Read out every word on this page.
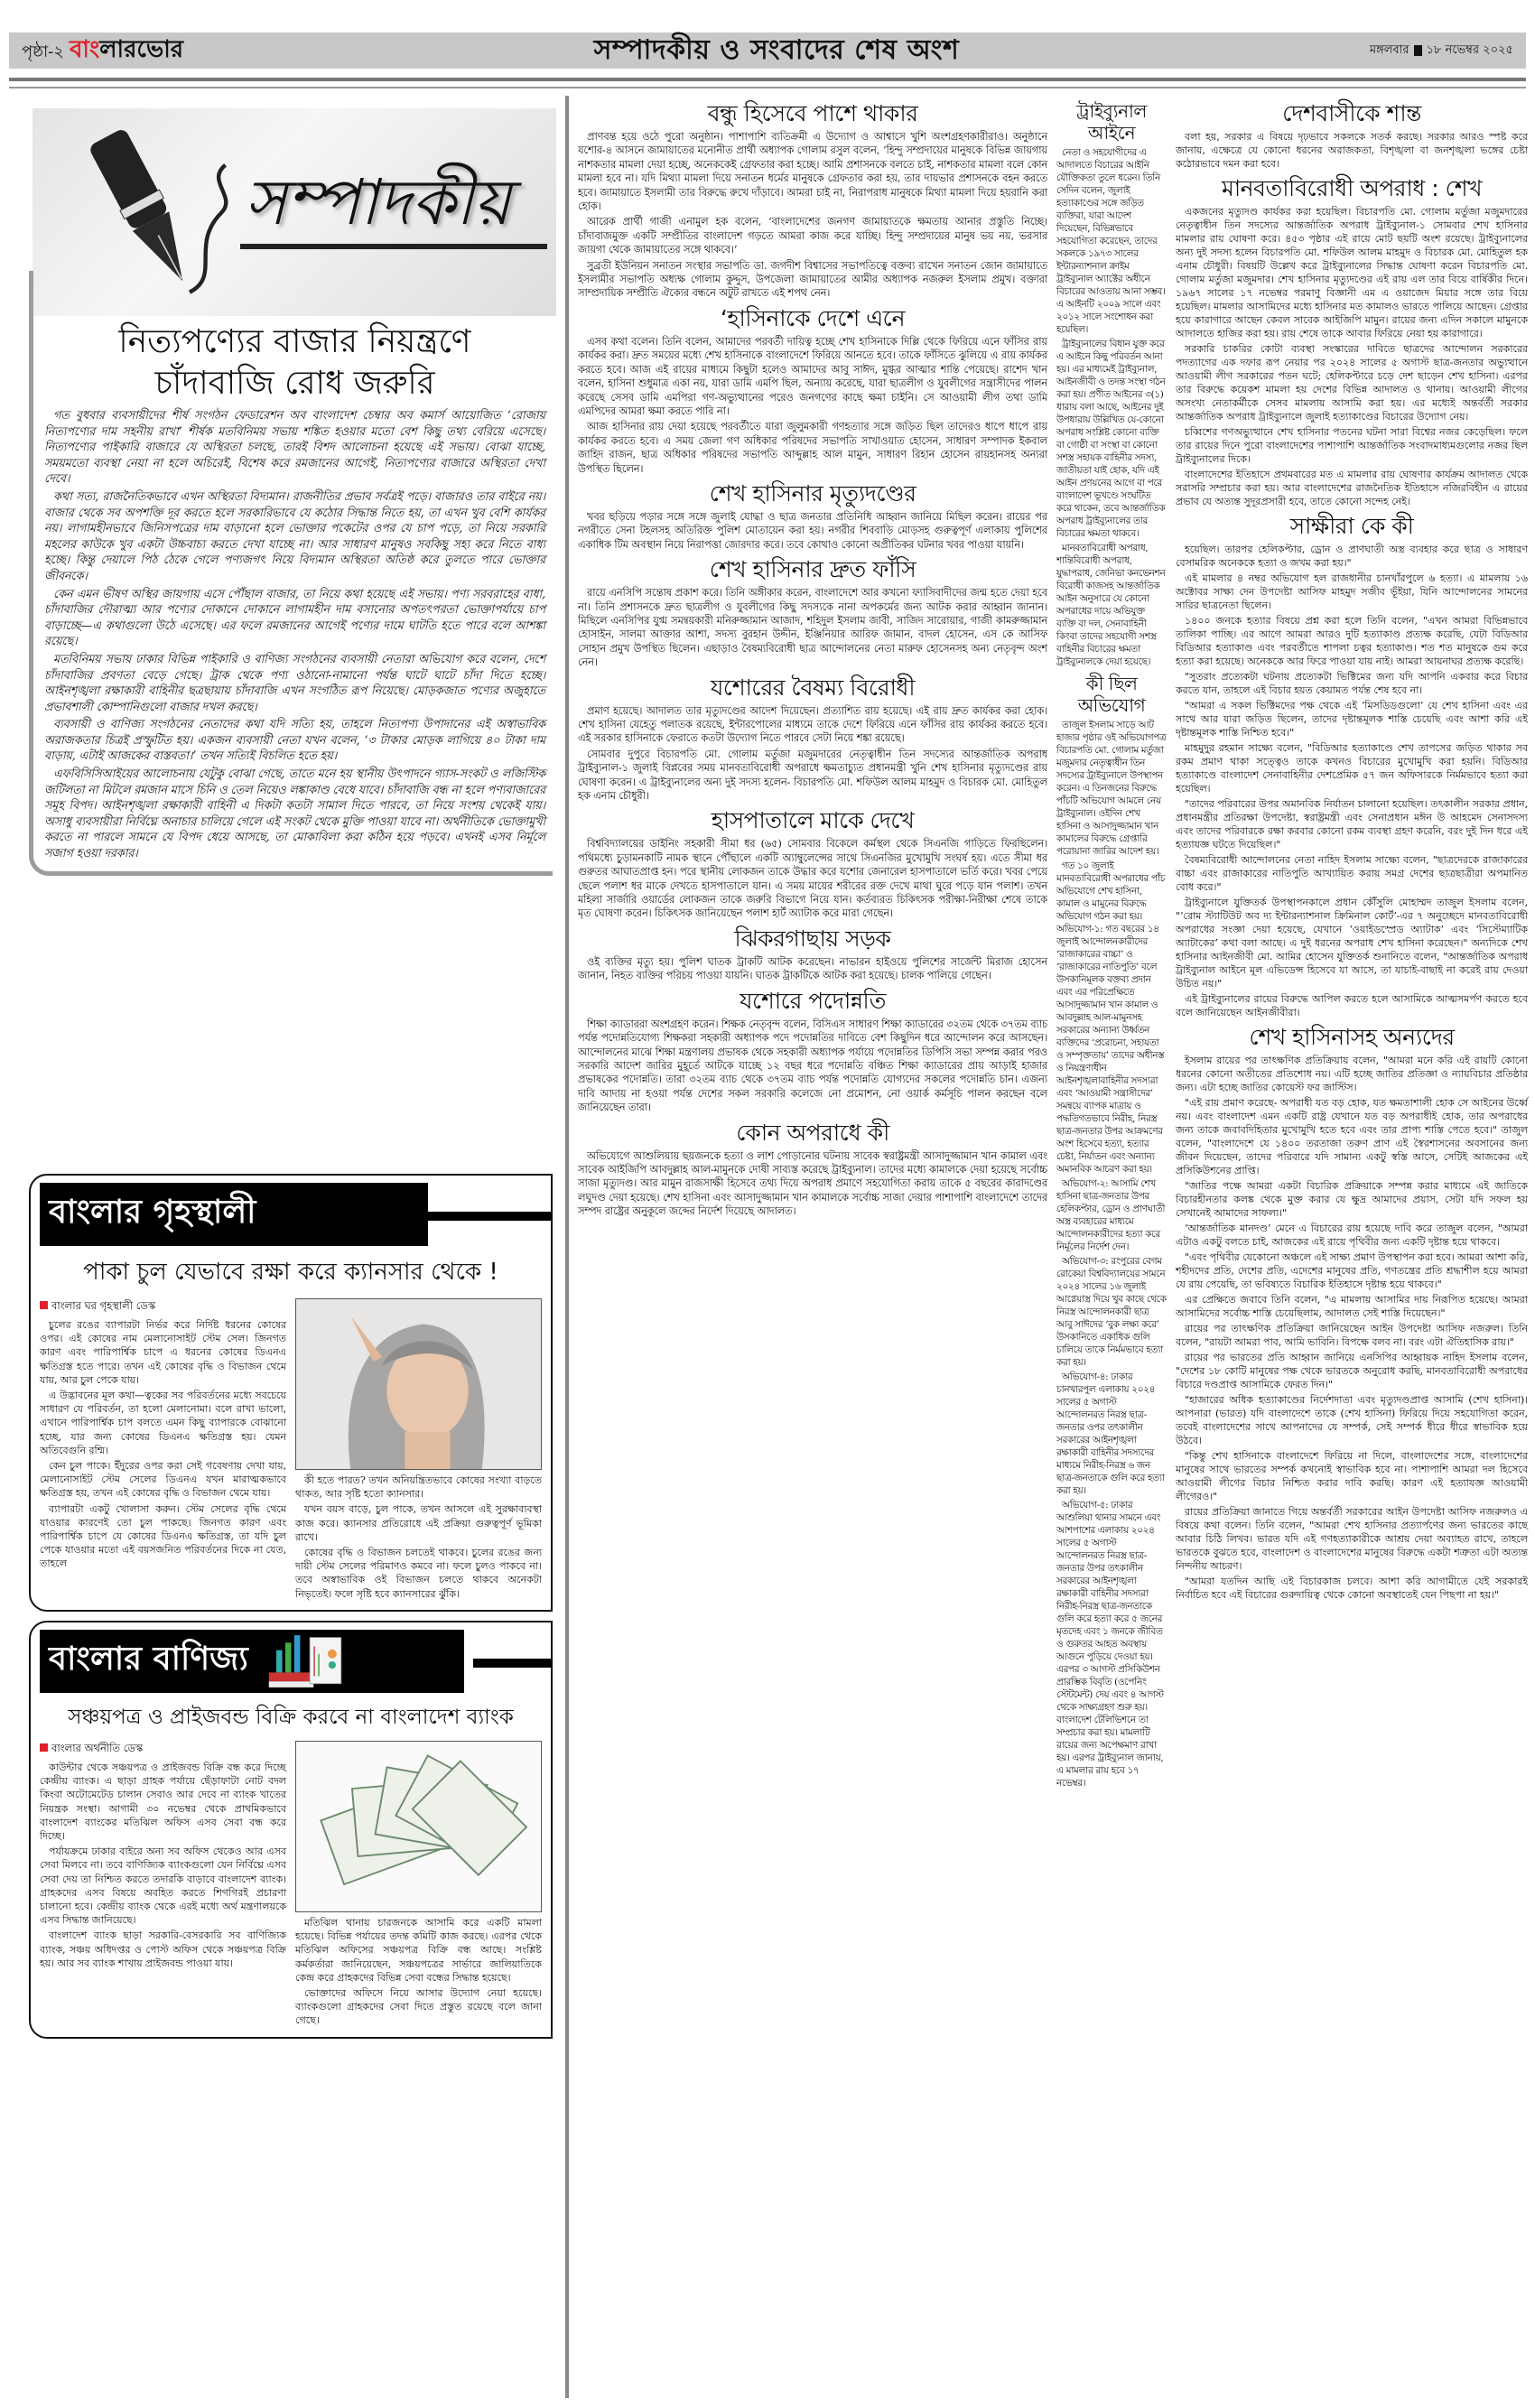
পৃষ্ঠা-২ বাংলারভোর	সম্পাদকীয় ও সংবাদের শেষ অংশ	মঙ্গলবার ১৮ নভেম্বর ২০২৫
সম্পাদকীয়
নিত্যপণ্যের বাজার নিয়ন্ত্রণে
চাঁদাবাজি রোধ জরুরি

গত বুধবার ব্যবসায়ীদের শীর্ষ সংগঠন ফেডারেশন অব বাংলাদেশ চেম্বার অব কমার্স আয়োজিত ‘রোজায় নিত্যপণ্যের দাম সহনীয় রাখা’ শীর্ষক মতবিনিময় সভায় শঙ্কিত হওয়ার মতো বেশ কিছু তথ্য বেরিয়ে এসেছে। নিত্যপণ্যের পাইকারি বাজারে যে অস্থিরতা চলছে, তারই বিশদ আলোচনা হয়েছে এই সভায়। বোঝা যাচ্ছে, সময়মতো ব্যবস্থা নেয়া না হলে অচিরেই, বিশেষ করে রমজানের আগেই, নিত্যপণ্যের বাজারে অস্থিরতা দেখা দেবে।

কথা সত্য, রাজনৈতিকভাবে এখন অস্থিরতা বিদ্যমান। রাজনীতির প্রভাব সর্বত্রই পড়ে। বাজারও তার বাইরে নয়। বাজার থেকে সব অপশক্তি দূর করতে হলে সরকারিভাবে যে কঠোর সিদ্ধান্ত নিতে হয়, তা এখন খুব বেশি কার্যকর নয়। লাগামহীনভাবে জিনিসপত্রের দাম বাড়ানো হলে ভোক্তার পকেটের ওপর যে চাপ পড়ে, তা নিয়ে সরকারি মহলের কাউকে খুব একটা উচ্চবাচ্য করতে দেখা যাচ্ছে না। আর সাধারণ মানুষও সবকিছু সহ্য করে নিতে বাধ্য হচ্ছে। কিন্তু দেয়ালে পিঠ ঠেকে গেলে পণ্যজগৎ নিয়ে বিদ্যমান অস্থিরতা অতিষ্ঠ করে তুলতে পারে ভোক্তার জীবনকে।

কেন এমন ভীষণ অস্থির জায়গায় এসে পৌঁছাল বাজার, তা নিয়ে কথা হয়েছে এই সভায়। পণ্য সরবরাহের বাধা, চাঁদাবাজির দৌরাত্ম্য আর পণ্যের দোকানে দোকানে লাগামহীন দাম বসানোর অপতৎপরতা ভোক্তাপর্যায়ে চাপ বাড়াচ্ছে—এ কথাগুলো উঠে এসেছে। এর ফলে রমজানের আগেই পণ্যের দামে ঘাটতি হতে পারে বলে আশঙ্কা রয়েছে।

মতবিনিময় সভায় ঢাকার বিভিন্ন পাইকারি ও বাণিজ্য সংগঠনের ব্যবসায়ী নেতারা অভিযোগ করে বলেন, দেশে চাঁদাবাজির প্রবণতা বেড়ে গেছে। ট্রাক থেকে পণ্য ওঠানো-নামানো পর্যন্ত ঘাটে ঘাটে চাঁদা দিতে হচ্ছে। আইনশৃঙ্খলা রক্ষাকারী বাহিনীর ছত্রছায়ায় চাঁদাবাজি এখন সংগঠিত রূপ নিয়েছে। মোড়কজাত পণ্যের অজুহাতে প্রভাবশালী কোম্পানিগুলো বাজার দখল করছে।

ব্যবসায়ী ও বাণিজ্য সংগঠনের নেতাদের কথা যদি সত্যি হয়, তাহলে নিত্যপণ্য উপাদানের এই অস্বাভাবিক অরাজকতার চিত্রই প্রস্ফুটিত হয়। একজন ব্যবসায়ী নেতা যখন বলেন, ‘৩ টাকার মোড়ক লাগিয়ে ৪০ টাকা দাম বাড়ায়, এটাই আজকের বাস্তবতা।’ তখন সত্যিই বিচলিত হতে হয়।

এফবিসিসিআইয়ের আলোচনায় যেটুকু বোঝা গেছে, তাতে মনে হয় স্থানীয় উৎপাদনে গ্যাস-সংকট ও লজিস্টিক জটিলতা না মিটলে রমজান মাসে চিনি ও তেল নিয়েও লঙ্কাকাণ্ড বেধে যাবে। চাঁদাবাজি বন্ধ না হলে পণ্যবাজারের সমূহ বিপদ। আইনশৃঙ্খলা রক্ষাকারী বাহিনী এ দিকটা কতটা সামাল দিতে পারবে, তা নিয়ে সংশয় থেকেই যায়। অসাধু ব্যবসায়ীরা নির্বিঘ্নে অনাচার চালিয়ে গেলে এই সংকট থেকে মুক্তি পাওয়া যাবে না। অর্থনীতিকে ভোক্তামুখী করতে না পারলে সামনে যে বিপদ ধেয়ে আসছে, তা মোকাবিলা করা কঠিন হয়ে পড়বে। এখনই এসব নির্মূলে সজাগ হওয়া দরকার।

বাংলার গৃহস্থালী
পাকা চুল যেভাবে রক্ষা করে ক্যানসার থেকে !
বাংলার ঘর গৃহস্থালী ডেস্ক

চুলের রঙের ব্যাপারটা নির্ভর করে নির্দিষ্ট ধরনের কোষের ওপর। এই কোষের নাম মেলানোসাইট স্টেম সেল। জিনগত কারণ এবং পারিপার্শ্বিক চাপে এ ধরনের কোষের ডিএনএ ক্ষতিগ্রস্ত হতে পারে। তখন এই কোষের বৃদ্ধি ও বিভাজন থেমে যায়, আর চুল পেকে যায়।

এ উদ্ভাবনের মূল কথা—ত্বকের সব পরিবর্তনের মধ্যে সবচেয়ে সাধারণ যে পরিবর্তন, তা হলো মেলানোমা। বলে রাখা ভালো, এখানে পারিপার্শ্বিক চাপ বলতে এমন কিছু ব্যাপারকে বোঝানো হচ্ছে, যার জন্য কোষের ডিএনএ ক্ষতিগ্রস্ত হয়। যেমন অতিবেগুনি রশ্মি।

কেন চুল পাকে। ইঁদুরের ওপর করা সেই গবেষণায় দেখা যায়, মেলানোসাইট স্টেম সেলের ডিএনএ যখন মারাত্মকভাবে ক্ষতিগ্রস্ত হয়, তখন এই কোষের বৃদ্ধি ও বিভাজন থেমে যায়।

ব্যাপারটা একটু খোলাসা করুন। স্টেম সেলের বৃদ্ধি থেমে যাওয়ার কারণেই তো চুল পাকছে। জিনগত কারণ এবং পারিপার্শ্বিক চাপে যে কোষের ডিএনএ ক্ষতিগ্রস্ত, তা যদি চুল পেকে যাওয়ার মতো এই বয়সজনিত পরিবর্তনের দিকে না যেত, তাহলে

কী হতে পারত? তখন অনিয়ন্ত্রিতভাবে কোষের সংখ্যা বাড়তে থাকত, আর সৃষ্টি হতো ক্যানসার।

যখন বয়স বাড়ে, চুল পাকে, তখন আসলে এই সুরক্ষাব্যবস্থা কাজ করে। ক্যানসার প্রতিরোধে এই প্রক্রিয়া গুরুত্বপূর্ণ ভূমিকা রাখে।

কোষের বৃদ্ধি ও বিভাজন চলতেই থাকবে। চুলের রঙের জন্য দায়ী স্টেম সেলের পরিমাণও কমবে না। ফলে চুলও পাকবে না। তবে অস্বাভাবিক ওই বিভাজন চলতে থাকবে অনেকটা নিভৃতেই। ফলে সৃষ্টি হবে ক্যানসারের ঝুঁকি।

বাংলার বাণিজ্য
সঞ্চয়পত্র ও প্রাইজবন্ড বিক্রি করবে না বাংলাদেশ ব্যাংক
বাংলার অর্থনীতি ডেস্ক

কাউন্টার থেকে সঞ্চয়পত্র ও প্রাইজবন্ড বিক্রি বন্ধ করে দিচ্ছে কেন্দ্রীয় ব্যাংক। এ ছাড়া গ্রাহক পর্যায়ে ছেঁড়াফাটা নোট বদল কিংবা অটোমেটেড চালান সেবাও আর দেবে না ব্যাংক খাতের নিয়ন্ত্রক সংস্থা। আগামী ৩০ নভেম্বর থেকে প্রাথমিকভাবে বাংলাদেশ ব্যাংকের মতিঝিল অফিস এসব সেবা বন্ধ করে দিচ্ছে।

পর্যায়ক্রমে ঢাকার বাইরে অন্য সব অফিস থেকেও আর এসব সেবা মিলবে না। তবে বাণিজ্যিক ব্যাংকগুলো যেন নির্বিঘ্নে এসব সেবা দেয় তা নিশ্চিত করতে তদারকি বাড়াবে বাংলাদেশ ব্যাংক। গ্রাহকদের এসব বিষয়ে অবহিত করতে শিগগিরই প্রচারণা চালানো হবে। কেন্দ্রীয় ব্যাংক থেকে এরই মধ্যে অর্থ মন্ত্রণালয়কে এসব সিদ্ধান্ত জানিয়েছে।

বাংলাদেশ ব্যাংক ছাড়া সরকারি-বেসরকারি সব বাণিজ্যিক ব্যাংক, সঞ্চয় অধিদপ্তর ও পোস্ট অফিস থেকে সঞ্চয়পত্র বিক্রি হয়। আর সব ব্যাংক শাখায় প্রাইজবন্ড পাওয়া যায়।

মতিঝিল থানায় চারজনকে আসামি করে একটি মামলা হয়েছে। বিভিন্ন পর্যায়ের তদন্ত কমিটি কাজ করছে। এরপর থেকে মতিঝিল অফিসের সঞ্চয়পত্র বিক্রি বন্ধ আছে। সংশ্লিষ্ট কর্মকর্তারা জানিয়েছেন, সঞ্চয়পত্রের সার্ভারে জালিয়াতিকে কেন্দ্র করে গ্রাহকদের বিভিন্ন সেবা বন্ধের সিদ্ধান্ত হয়েছে।

ভোক্তাদের অফিসে নিয়ে আসার উদ্যোগ নেয়া হয়েছে। ব্যাংকগুলো গ্রাহকদের সেবা দিতে প্রস্তুত রয়েছে বলে জানা গেছে।

বন্ধু হিসেবে পাশে থাকার

প্রাণবন্ত হয়ে ওঠে পুরো অনুষ্ঠান। পাশাপাশি ব্যতিক্রমী এ উদ্যোগ ও আশ্বাসে খুশি অংশগ্রহণকারীরাও। অনুষ্ঠানে যশোর-৪ আসনে জামায়াতের মনোনীত প্রার্থী অধ্যাপক গোলাম রসুল বলেন, ‘হিন্দু সম্প্রদায়ের মানুষকে বিভিন্ন জায়গায় নাশকতার মামলা দেয়া হচ্ছে, অনেককেই গ্রেফতার করা হচ্ছে। আমি প্রশাসনকে বলতে চাই, নাশকতার মামলা বলে কোন মামলা হবে না। যদি মিথ্যা মামলা দিয়ে সনাতন ধর্মের মানুষকে গ্রেফতার করা হয়, তার দায়ভার প্রশাসনকে বহন করতে হবে। জামায়াতে ইসলামী তার বিরুদ্ধে রুখে দাঁড়াবে। আমরা চাই না, নিরাপরাধ মানুষকে মিথ্যা মামলা দিয়ে হয়রানি করা হোক।

আরেক প্রার্থী গাজী এনামুল হক বলেন, ‘বাংলাদেশের জনগণ জামায়াতকে ক্ষমতায় আনার প্রস্তুতি নিচ্ছে। চাঁদাবাজমুক্ত একটি সম্প্রীতির বাংলাদেশ গড়তে আমরা কাজ করে যাচ্ছি। হিন্দু সম্প্রদায়ের মানুষ ভয় নয়, ভরসার জায়গা থেকে জামায়াতের সঙ্গে থাকবে।’

সুব্রতী ইউনিয়ন সনাতন সংস্থার সভাপতি ডা. জগদীশ বিশ্বাসের সভাপতিত্বে বক্তব্য রাখেন সনাতন জোন জামায়াতে ইসলামীর সভাপতি অধ্যক্ষ গোলাম কুদ্দুস, উপজেলা জামায়াতের আমীর অধ্যাপক নজরুল ইসলাম প্রমুখ। বক্তারা সাম্প্রদায়িক সম্প্রীতি ঐক্যের বন্ধনে অটুট রাখতে এই শপথ নেন।

‘হাসিনাকে দেশে এনে

এসব কথা বলেন। তিনি বলেন, আমাদের পরবর্তী দায়িত্ব হচ্ছে শেখ হাসিনাকে দিল্লি থেকে ফিরিয়ে এনে ফাঁসির রায় কার্যকর করা। দ্রুত সময়ের মধ্যে শেখ হাসিনাকে বাংলাদেশে ফিরিয়ে আনতে হবে। তাকে ফাঁসিতে ঝুলিয়ে এ রায় কার্যকর করতে হবে। আজ এই রায়ের মাধ্যমে কিছুটা হলেও আমাদের আবু সাঈদ, মুগ্ধর আত্মার শান্তি পেয়েছে। রাশেদ খান বলেন, হাসিনা শুধুমাত্র একা নয়, যারা ডামি এমপি ছিল, অন্যায় করেছে, যারা ছাত্রলীগ ও যুবলীগের সন্ত্রাসীদের পালন করেছে সেসব ডামি এমপিরা গণ-অভ্যুত্থানের পরেও জনগণের কাছে ক্ষমা চাইনি। সে আওয়ামী লীগ তথা ডামি এমপিদের আমরা ক্ষমা করতে পারি না।

আজ হাসিনার রায় দেয়া হয়েছে পরবর্তীতে যারা জুলুমকারী গণহত্যার সঙ্গে জড়িত ছিল তাদেরও ধাপে ধাপে রায় কার্যকর করতে হবে। এ সময় জেলা গণ অধিকার পরিষদের সভাপতি সাখাওয়াত হোসেন, সাধারণ সম্পাদক ইকবাল জাহিদ রাজন, ছাত্র অধিকার পরিষদের সভাপতি আব্দুল্লাহ আল মামুন, সাধারণ রিহান হোসেন রায়হানসহ অন্যরা উপস্থিত ছিলেন।

শেখ হাসিনার মৃত্যুদণ্ডের

খবর ছড়িয়ে পড়ার সঙ্গে সঙ্গে জুলাই যোদ্ধা ও ছাত্র জনতার প্রতিনিধি আহ্বান জানিয়ে মিছিল করেন। রায়ের পর নগরীতে সেনা টহলসহ অতিরিক্ত পুলিশ মোতায়েন করা হয়। নগরীর শিববাড়ি মোড়সহ গুরুত্বপূর্ণ এলাকায় পুলিশের একাধিক টিম অবস্থান নিয়ে নিরাপত্তা জোরদার করে। তবে কোথাও কোনো অপ্রীতিকর ঘটনার খবর পাওয়া যায়নি।

শেখ হাসিনার দ্রুত ফাঁসি

রায়ে এনসিপি সন্তোষ প্রকাশ করে। তিনি অঙ্গীকার করেন, বাংলাদেশে আর কখনো ফ্যাসিবাদীদের জন্ম হতে দেয়া হবে না। তিনি প্রশাসনকে দ্রুত ছাত্রলীগ ও যুবলীগের কিছু সদস্যকে নানা অপকর্মের জন্য আটক করার আহ্বান জানান। মিছিলে এনসিপির যুগ্ম সমন্বয়কারী মনিরুজ্জামান আজাদ, শহিদুল ইসলাম জাবী, সাজিদ সারোয়ার, গাজী কামরুজ্জামান হোসাইন, সালমা আক্তার আশা, সদস্য বুরহান উদ্দীন, ইঞ্জিনিয়ার আরিফ জামান, বাদল হোসেন, এস কে আসিফ সোহান প্রমুখ উপস্থিত ছিলেন। এছাড়াও বৈষম্যবিরোধী ছাত্র আন্দোলনের নেতা মারুফ হোসেনসহ অন্য নেতৃবৃন্দ অংশ নেন।

যশোরের বৈষম্য বিরোধী

প্রমাণ হয়েছে। আদালত তার মৃত্যুদণ্ডের আদেশ দিয়েছেন। প্রত্যাশিত রায় হয়েছে। এই রায় দ্রুত কার্যকর করা হোক। শেখ হাসিনা যেহেতু পলাতক রয়েছে, ইন্টারপোলের মাধ্যমে তাকে দেশে ফিরিয়ে এনে ফাঁসির রায় কার্যকর করতে হবে। এই সরকার হাসিনাকে ফেরাতে কতটা উদ্যোগ নিতে পারবে সেটা নিয়ে শঙ্কা রয়েছে।

সোমবার দুপুরে বিচারপতি মো. গোলাম মর্তুজা মজুমদারের নেতৃত্বাধীন তিন সদস্যের আন্তর্জাতিক অপরাধ ট্রাইব্যুনাল-১ জুলাই বিপ্লবের সময় মানবতাবিরোধী অপরাধে ক্ষমতাচ্যুত প্রধানমন্ত্রী খুনি শেখ হাসিনার মৃত্যুদণ্ডের রায় ঘোষণা করেন। এ ট্রাইব্যুনালের অন্য দুই সদস্য হলেন- বিচারপতি মো. শফিউল আলম মাহমুদ ও বিচারক মো. মোহিতুল হক এনাম চৌধুরী।

হাসপাতালে মাকে দেখে

বিশ্ববিদ্যালয়ের ডাইনিং সহকারী সীমা ধর (৬৫) সোমবার বিকেলে কর্মস্থল থেকে সিএনজি গাড়িতে ফিরছিলেন। পথিমধ্যে চুড়ামনকাটি নামক স্থানে পৌঁছালে একটি অ্যাম্বুলেন্সের সাথে সিএনজির মুখোমুখি সংঘর্ষ হয়। এতে সীমা ধর গুরুতর আঘাতপ্রাপ্ত হন। পরে স্থানীয় লোকজন তাকে উদ্ধার করে যশোর জেনারেল হাসপাতালে ভর্তি করে। খবর পেয়ে ছেলে পলাশ ধর মাকে দেখতে হাসপাতালে যান। এ সময় মায়ের শরীরের রক্ত দেখে মাথা ঘুরে পড়ে যান পলাশ। তখন মহিলা সার্জারি ওয়ার্ডের লোকজন তাকে জরুরি বিভাগে নিয়ে যান। কর্তব্যরত চিকিৎসক পরীক্ষা-নিরীক্ষা শেষে তাকে মৃত ঘোষণা করেন। চিকিৎসক জানিয়েছেন পলাশ হার্ট অ্যাটাক করে মারা গেছেন।

ঝিকরগাছায় সড়ক

ওই ব্যক্তির মৃত্যু হয়। পুলিশ ঘাতক ট্রাকটি আটক করেছেন। নাভারন হাইওয়ে পুলিশের সার্জেন্ট মিরাজ হোসেন জানান, নিহত ব্যক্তির পরিচয় পাওয়া যায়নি। ঘাতক ট্রাকটিকে আটক করা হয়েছে। চালক পালিয়ে গেছেন।

যশোরে পদোন্নতি

শিক্ষা ক্যাডাররা অংশগ্রহণ করেন। শিক্ষক নেতৃবৃন্দ বলেন, বিসিএস সাধারণ শিক্ষা ক্যাডারের ৩২তম থেকে ৩৭তম ব্যাচ পর্যন্ত পদোন্নতিযোগ্য শিক্ষকরা সহকারী অধ্যাপক পদে পদোন্নতির দাবিতে বেশ কিছুদিন ধরে আন্দোলন করে আসছেন। আন্দোলনের মাঝে শিক্ষা মন্ত্রণালয় প্রভাষক থেকে সহকারী অধ্যাপক পর্যায়ে পদোন্নতির ডিপিসি সভা সম্পন্ন করার পরও সরকারি আদেশ জারির মুহূর্তে আটকে যাচ্ছে ১২ বছর ধরে পদোন্নতি বঞ্চিত শিক্ষা ক্যাডারের প্রায় আড়াই হাজার প্রভাষকের পদোন্নতি। তারা ৩২তম ব্যাচ থেকে ৩৭তম ব্যাচ পর্যন্ত পদোন্নতি যোগ্যদের সকলের পদোন্নতি চান। এজন্য দাবি আদায় না হওয়া পর্যন্ত দেশের সকল সরকারি কলেজে নো প্রমোশন, নো ওয়ার্ক কর্মসূচি পালন করছেন বলে জানিয়েছেন তারা।

কোন অপরাধে কী

অভিযোগে আশুলিয়ায় ছয়জনকে হত্যা ও লাশ পোড়ানোর ঘটনায় সাবেক স্বরাষ্ট্রমন্ত্রী আসাদুজ্জামান খান কামাল এবং সাবেক আইজিপি আবদুল্লাহ আল-মামুনকে দোষী সাব্যস্ত করেছে ট্রাইব্যুনাল। তাদের মধ্যে কামালকে দেয়া হয়েছে সর্বোচ্চ সাজা মৃত্যুদণ্ড। আর মামুন রাজসাক্ষী হিসেবে তথ্য দিয়ে অপরাধ প্রমাণে সহযোগিতা করায় তাকে ৫ বছরের কারাদণ্ডের লঘুদণ্ড দেয়া হয়েছে। শেখ হাসিনা এবং আসাদুজ্জামান খান কামালকে সর্বোচ্চ সাজা দেয়ার পাশাপাশি বাংলাদেশে তাদের সম্পদ রাষ্ট্রের অনুকূলে জব্দের নির্দেশ দিয়েছে আদালত।

ট্রাইব্যুনাল আইনে

নেতা ও সহযোগীদের এ আদালতে বিচারের আইনি যৌক্তিকতা তুলে ধরেন। তিনি সেদিন বলেন, জুলাই হত্যাকাণ্ডের সঙ্গে জড়িত ব্যক্তিরা, যারা আদেশ দিয়েছেন, বিভিন্নভাবে সহযোগিতা করেছেন, তাদের সকলকে ১৯৭৩ সালের ইন্টারন্যাশনাল ক্রাইম ট্রাইব্যুনাল অ্যাক্টের অধীনে বিচারের আওতায় আনা সম্ভব। এ আইনটি ২০০৯ সালে এবং ২০১২ সালে সংশোধন করা হয়েছিল।

ট্রাইব্যুনালের বিধান যুক্ত করে এ আইনে কিছু পরিবর্তন আনা হয়। এর মাধ্যমেই ট্রাইব্যুনাল, আইনজীবী ও তদন্ত সংস্থা গঠন করা হয়। প্রণীত আইনের ৩(১) ধারায় বলা আছে, আইনের দুই উপধারায় উল্লিখিত যে-কোনো অপরাধ সংশ্লিষ্ট কোনো ব্যক্তি বা গোষ্ঠী বা সংস্থা বা কোনো সশস্ত্র সহায়ক বাহিনীর সদস্য, জাতীয়তা যাই হোক, যদি এই আইন প্রণয়নের আগে বা পরে বাংলাদেশ ভূখণ্ডে সংঘটিত করে থাকেন, তবে আন্তর্জাতিক অপরাধ ট্রাইব্যুনালের তার বিচারের ক্ষমতা থাকবে।

মানবতাবিরোধী অপরাধ, শান্তিবিরোধী অপরাধ, যুদ্ধাপরাধ, জেনিভা কনভেনশন বিরোধী কাজসহ আন্তর্জাতিক আইন অনুসারে যে কোনো অপরাধের দায়ে অভিযুক্ত ব্যক্তি বা দল, সেনাবাহিনী কিংবা তাদের সহযোগী সশস্ত্র বাহিনীর বিচারের ক্ষমতা ট্রাইব্যুনালকে দেয়া হয়েছে।

কী ছিল অভিযোগ

তাজুল ইসলাম সাড়ে আট হাজার পৃষ্ঠার ওই অভিযোগপত্র বিচারপতি মো. গোলাম মর্তুজা মজুমদার নেতৃত্বাধীন তিন সদস্যের ট্রাইব্যুনালে উপস্থাপন করেন। এ তিনজনের বিরুদ্ধে পাঁচটি অভিযোগ আমলে নেয় ট্রাইব্যুনাল। ওইদিন শেখ হাসিনা ও আসাদুজ্জামান খান কামালের বিরুদ্ধে গ্রেপ্তারি পরোয়ানা জারির আদেশ হয়।

গত ১০ জুলাই মানবতাবিরোধী অপরাধের পাঁচ অভিযোগে শেখ হাসিনা, কামাল ও মামুনের বিরুদ্ধে অভিযোগ গঠন করা হয়। অভিযোগ-১: গত বছরের ১৪ জুলাই আন্দোলনকারীদের ‘রাজাকারের বাচ্চা’ ও ‘রাজাকারের নাতিপুতি’ বলে উসকানিমূলক বক্তব্য প্রদান এবং এর পরিপ্রেক্ষিতে আসাদুজ্জামান খান কামাল ও আবদুল্লাহ আল-মামুনসহ সরকারের অন্যান্য উর্ধ্বতন ব্যক্তিদের ‘প্ররোচনা, সহায়তা ও সম্পৃক্ততায়’ তাদের অধীনস্ত ও নিয়ন্ত্রণাধীন আইনশৃঙ্খলাবাহিনীর সদস্যরা এবং ‘আওয়ামী সন্ত্রাসীদের’ সমন্বয়ে ব্যাপক মাত্রায় ও পদ্ধতিগতভাবে নিরীহ, নিরস্ত্র ছাত্র-জনতার উপর আক্রমণের অংশ হিসেবে হত্যা, হত্যার চেষ্টা, নির্যাতন এবং অন্যান্য অমানবিক আচরণ করা হয়।

অভিযোগ-২: আসামি শেখ হাসিনা ছাত্র-জনতার উপর হেলিকপ্টার, ড্রোন ও প্রাণঘাতী অস্ত্র ব্যবহারের মাধ্যমে আন্দোলনকারীদের হত্যা করে নির্মূলের নির্দেশ দেন।

অভিযোগ-৩: রংপুরের বেগম রোকেয়া বিশ্ববিদ্যালয়ের সামনে ২০২৪ সালের ১৬ জুলাই আগ্নেয়াস্ত্র দিয়ে খুব কাছে থেকে নিরস্ত্র আন্দোলনকারী ছাত্র আবু সাঈদের ‘বুক লক্ষ্য করে’ উসকানিতে একাধিক গুলি চালিয়ে তাকে নির্মমভাবে হত্যা করা হয়।

অভিযোগ-৪: ঢাকার চানখারপুল এলাকায় ২০২৪ সালের ৫ অগাস্ট আন্দোলনরত নিরস্ত্র ছাত্র-জনতার ওপর তৎকালীন সরকারের আইনশৃঙ্খলা রক্ষাকারী বাহিনীর সদস্যদের মাধ্যমে নিরীহ-নিরস্ত্র ৬ জন ছাত্র-জনতাকে গুলি করে হত্যা করা হয়।

অভিযোগ-৫: ঢাকার আশুলিয়া থানার সামনে এবং আশপাশের এলাকায় ২০২৪ সালের ৫ অগাস্ট আন্দোলনরত নিরস্ত্র ছাত্র-জনতার উপর তৎকালীন সরকারের আইনশৃঙ্খলা রক্ষাকারী বাহিনীর সদস্যরা নিরীহ-নিরস্ত্র ছাত্র-জনতাকে গুলি করে হত্যা করে ৫ জনের মৃতদেহ এবং ১ জনকে জীবিত ও গুরুতর আহত অবস্থায় আগুনে পুড়িয়ে দেওয়া হয়। এরপর ৩ আগস্ট প্রসিকিউশন প্রারম্ভিক বিবৃতি (ওপেনিং স্টেটমেন্ট) দেয় এবং ৪ আগস্ট থেকে সাক্ষ্যগ্রহণ শুরু হয়। বাংলাদেশ টেলিভিশনে তা সম্প্রচার করা হয়। মামলাটি রায়ের জন্য অপেক্ষমাণ রাখা হয়। এরপর ট্রাইব্যুনাল জানায়, এ মামলার রায় হবে ১৭ নভেম্বর।

দেশবাসীকে শান্ত

বলা হয়, সরকার এ বিষয়ে দৃঢ়ভাবে সকলকে সতর্ক করছে। সরকার আরও স্পষ্ট করে জানায়, এক্ষেত্রে যে কোনো ধরনের অরাজকতা, বিশৃঙ্খলা বা জনশৃঙ্খলা ভঙ্গের চেষ্টা কঠোরভাবে দমন করা হবে।

মানবতাবিরোধী অপরাধ : শেখ

একজনের মৃত্যুদণ্ড কার্যকর করা হয়েছিল। বিচারপতি মো. গোলাম মর্তুজা মজুমদারের নেতৃত্বাধীন তিন সদস্যের আন্তর্জাতিক অপরাধ ট্রাইব্যুনাল-১ সোমবার শেখ হাসিনার মামলার রায় ঘোষণা করে। ৪৫৩ পৃষ্ঠার এই রায়ে মোট ছয়টি অংশ রয়েছে। ট্রাইব্যুনালের অন্য দুই সদস্য হলেন বিচারপতি মো. শফিউল আলম মাহমুদ ও বিচারক মো. মোহিতুল হক এনাম চৌধুরী। বিষয়টি উল্লেখ করে ট্রাইব্যুনালের সিদ্ধান্ত ঘোষণা করেন বিচারপতি মো. গোলাম মর্তুজা মজুমদার। শেখ হাসিনার মৃত্যুদণ্ডের এই রায় এল তার বিয়ে বার্ষিকীর দিনে। ১৯৬৭ সালের ১৭ নভেম্বর পরমাণু বিজ্ঞানী এম এ ওয়াজেদ মিয়ার সঙ্গে তার বিয়ে হয়েছিল। মামলার আসামিদের মধ্যে হাসিনার মত কামালও ভারতে পালিয়ে আছেন। গ্রেপ্তার হয়ে কারাগারে আছেন কেবল সাবেক আইজিপি মামুন। রায়ের জন্য এদিন সকালে মামুনকে আদালতে হাজির করা হয়। রায় শেষে তাকে আবার ফিরিয়ে নেয়া হয় কারাগারে।

সরকারি চাকরির কোটা ব্যবস্থা সংস্কারের দাবিতে ছাত্রদের আন্দোলন সরকারের পদত্যাগের এক দফার রূপ নেয়ার পর ২০২৪ সালের ৫ অগাস্ট ছাত্র-জনতার অভ্যুত্থানে আওয়ামী লীগ সরকারের পতন ঘটে; হেলিকপ্টারে চড়ে দেশ ছাড়েন শেখ হাসিনা। এরপর তার বিরুদ্ধে কয়েকশ মামলা হয় দেশের বিভিন্ন আদালত ও থানায়। আওয়ামী লীগের অসংখ্য নেতাকর্মীকে সেসব মামলায় আসামি করা হয়। এর মধ্যেই অন্তর্বর্তী সরকার আন্তর্জাতিক অপরাধ ট্রাইব্যুনালে জুলাই হত্যাকাণ্ডের বিচারের উদ্যোগ নেয়।

চব্বিশের গণঅভ্যুত্থানে শেখ হাসিনার পতনের ঘটনা সারা বিশ্বের নজর কেড়েছিল। ফলে তার রায়ের দিনে পুরো বাংলাদেশের পাশাপাশি আন্তর্জাতিক সংবাদমাধ্যমগুলোর নজর ছিল ট্রাইব্যুনালের দিকে।

বাংলাদেশের ইতিহাসে প্রথমবারের মত এ মামলার রায় ঘোষণার কার্যক্রম আদালত থেকে সরাসরি সম্প্রচার করা হয়। আর বাংলাদেশের রাজনৈতিক ইতিহাসে নজিরবিহীন এ রায়ের প্রভাব যে অত্যন্ত সুদূরপ্রসারী হবে, তাতে কোনো সন্দেহ নেই।

সাক্ষীরা কে কী

হয়েছিল। তারপর হেলিকপ্টার, ড্রোন ও প্রাণঘাতী অস্ত্র ব্যবহার করে ছাত্র ও সাধারণ বেসামরিক অনেককে হত্যা ও জখম করা হয়।"

এই মামলার ৪ নম্বর অভিযোগ হল রাজধানীর চানখাঁরপুলে ৬ হত্যা। এ মামলায় ১৬ অক্টোবর সাক্ষ্য দেন উপদেষ্টা আসিফ মাহমুদ সজীব ভূঁইয়া, যিনি আন্দোলনের সামনের সারির ছাত্রনেতা ছিলেন।

১৪০০ জনকে হত্যার বিষয়ে প্রশ্ন করা হলে তিনি বলেন, "এখন আমরা বিভিন্নভাবে তালিকা পাচ্ছি। এর আগে আমরা আরও দুটি হত্যাকাণ্ড প্রত্যক্ষ করেছি, যেটা বিডিআর বিডিআর হত্যাকাণ্ড এবং পরবর্তীতে শাপলা চত্বর হত্যাকাণ্ড। শত শত মানুষকে গুম করে হত্যা করা হয়েছে। অনেককে আর ফিরে পাওয়া যায় নাই। আমরা আয়নাঘর প্রত্যক্ষ করেছি।

"সুতরাং প্রত্যেকটা ঘটনায় প্রত্যেকটা ভিক্টিমের জন্য যদি আপনি একবার করে বিচার করতে যান, তাহলে এই বিচার হয়ত কেয়ামত পর্যন্ত শেষ হবে না।

"আমরা এ সকল ভিক্টিমদের পক্ষ থেকে এই ‘মিসডিডগুলো’ যে শেখ হাসিনা এবং এর সাথে আর যারা জড়িত ছিলেন, তাদের দৃষ্টান্তমূলক শাস্তি চেয়েছি এবং আশা করি এই দৃষ্টান্তমূলক শাস্তি নিশ্চিত হবে।"

মাহমুদুর রহমান সাক্ষ্যে বলেন, "বিডিআর হত্যাকাণ্ডে শেখ তাপসের জড়িত থাকার সব রকম প্রমাণ থাকা সত্ত্বেও তাকে কখনও বিচারের মুখোমুখি করা হয়নি। বিডিআর হত্যাকাণ্ডে বাংলাদেশ সেনাবাহিনীর দেশপ্রেমিক ৫৭ জন অফিসারকে নির্মমভাবে হত্যা করা হয়েছিল।

"তাদের পরিবারের উপর অমানবিক নির্যাতন চালানো হয়েছিল। তৎকালীন সরকার প্রধান, প্রধানমন্ত্রীর প্রতিরক্ষা উপদেষ্টা, স্বরাষ্ট্রমন্ত্রী এবং সেনাপ্রধান মঈন উ আহমেদ সেনাসদস্য এবং তাদের পরিবারকে রক্ষা করবার কোনো রকম ব্যবস্থা গ্রহণ করেনি, বরং দুই দিন ধরে এই হত্যাযজ্ঞ ঘটতে দিয়েছিল।"

বৈষম্যবিরোধী আন্দোলনের নেতা নাহিদ ইসলাম সাক্ষ্যে বলেন, "ছাত্রদেরকে রাজাকারের বাচ্চা এবং রাজাকারের নাতিপুতি আখ্যায়িত করায় সমগ্র দেশের ছাত্রছাত্রীরা অপমানিত বোধ করে।"

ট্রাইব্যুনালে যুক্তিতর্ক উপস্থাপনকালে প্রধান কৌঁসুলি মোহাম্মদ তাজুল ইসলাম বলেন, "‘রোম স্ট্যাটিউট অব দ্য ইন্টারন্যাশনাল ক্রিমিনাল কোর্ট’-এর ৭ অনুচ্ছেদে মানবতাবিরোধী অপরাধের সংজ্ঞা দেয়া হয়েছে, যেখানে ‘ওয়াইডস্প্রেড অ্যাটাক’ এবং ‘সিস্টেম্যাটিক অ্যাটাকের’ কথা বলা আছে। এ দুই ধরনের অপরাধ শেখ হাসিনা করেছেন।" অন্যদিকে শেখ হাসিনার আইনজীবী মো. আমির হোসেন যুক্তিতর্ক শুনানিতে বলেন, "আন্তর্জাতিক অপরাধ ট্রাইব্যুনাল আইনে মূল এভিডেন্স হিসেবে যা আসে, তা যাচাই-বাছাই না করেই রায় দেওয়া উচিত নয়।"

এই ট্রাইব্যুনালের রায়ের বিরুদ্ধে আপিল করতে হলে আসামিকে আত্মসমর্পণ করতে হবে বলে জানিয়েছেন আইনজীবীরা।

শেখ হাসিনাসহ অন্যদের

ইসলাম রায়ের পর তাৎক্ষণিক প্রতিক্রিয়ায় বলেন, "আমরা মনে করি এই রায়টি কোনো ধরনের কোনো অতীতের প্রতিশোধ নয়। এটি হচ্ছে জাতির প্রতিজ্ঞা ও ন্যায়বিচার প্রতিষ্ঠার জন্য। এটা হচ্ছে জাতির কোয়েস্ট ফর জাস্টিস।

"এই রায় প্রমাণ করেছে- অপরাধী যত বড় হোক, যত ক্ষমতাশালী হোক সে আইনের উর্ধ্বে নয়। এবং বাংলাদেশ এমন একটি রাষ্ট্র যেখানে যত বড় অপরাধীই হোক, তার অপরাধের জন্য তাকে জবাবদিহিতার মুখোমুখি হতে হবে এবং তার প্রাপ্য শাস্তি পেতে হবে।" তাজুল বলেন, "বাংলাদেশে যে ১৪০০ তরতাজা তরুণ প্রাণ এই স্বৈরশাসনের অবসানের জন্য জীবন দিয়েছেন, তাদের পরিবারে যদি সামান্য একটু স্বস্তি আসে, সেটিই আজকের এই প্রসিকিউশনের প্রাপ্তি।

"জাতির পক্ষে আমরা একটা বিচারিক প্রক্রিয়াকে সম্পন্ন করার মাধ্যমে এই জাতিকে বিচারহীনতার কলঙ্ক থেকে মুক্ত করার যে ক্ষুদ্র আমাদের প্রয়াস, সেটা যদি সফল হয় সেখানেই আমাদের সাফল্য।"

‘আন্তর্জাতিক মানদণ্ড’ মেনে এ বিচারের রায় হয়েছে দাবি করে তাজুল বলেন, "আমরা এটাও একটু বলতে চাই, আজকের এই রায়ে পৃথিবীর জন্য একটি দৃষ্টান্ত হয়ে থাকবে।

"এবং পৃথিবীর যেকোনো অঞ্চলে এই সাক্ষ্য প্রমাণ উপস্থাপন করা হবে। আমরা আশা করি, শহীদদের প্রতি, দেশের প্রতি, এদেশের মানুষের প্রতি, গণতন্ত্রের প্রতি শ্রদ্ধাশীল হয়ে আমরা যে রায় পেয়েছি, তা ভবিষ্যতে বিচারিক ইতিহাসে দৃষ্টান্ত হয়ে থাকবে।"

এর প্রেক্ষিতে জবাবে তিনি বলেন, "এ মামলায় আসামির দায় নিরূপিত হয়েছে। আমরা আসামিদের সর্বোচ্চ শাস্তি চেয়েছিলাম, আদালত সেই শাস্তি দিয়েছেন।"

রায়ের পর তাৎক্ষণিক প্রতিক্রিয়া জানিয়েছেন আইন উপদেষ্টা আসিফ নজরুল। তিনি বলেন, "রায়টা আমরা পাব, আমি ভাবিনি। বিপক্ষে বলব না। বরং এটা ঐতিহাসিক রায়।"

রায়ের পর ভারতের প্রতি আহ্বান জানিয়ে এনসিপির আহ্বায়ক নাহিদ ইসলাম বলেন, "দেশের ১৮ কোটি মানুষের পক্ষ থেকে ভারতকে অনুরোধ করছি, মানবতাবিরোধী অপরাধের বিচারে দণ্ডপ্রাপ্ত আসামিকে ফেরত দিন।"

"হাজারের অধিক হত্যাকাণ্ডের নির্দেশদাতা এবং মৃত্যুদণ্ডপ্রাপ্ত আসামি (শেখ হাসিনা)। আপনারা (ভারত) যদি বাংলাদেশে তাকে (শেখ হাসিনা) ফিরিয়ে দিয়ে সহযোগিতা করেন, তবেই বাংলাদেশের সাথে আপনাদের যে সম্পর্ক, সেই সম্পর্ক ধীরে ধীরে স্বাভাবিক হয়ে উঠবে।

"কিন্তু শেখ হাসিনাকে বাংলাদেশে ফিরিয়ে না দিলে, বাংলাদেশের সঙ্গে, বাংলাদেশের মানুষের সাথে ভারতের সম্পর্ক কখনোই স্বাভাবিক হবে না। পাশাপাশি আমরা দল হিসেবে আওয়ামী লীগের বিচার নিশ্চিত করার দাবি করছি। কারণ এই হত্যাযজ্ঞ আওয়ামী লীগেরও।"

রায়ের প্রতিক্রিয়া জানাতে গিয়ে অন্তর্বর্তী সরকারের আইন উপদেষ্টা আসিফ নজরুলও এ বিষয়ে কথা বলেন। তিনি বলেন, "আমরা শেখ হাসিনার প্রত্যার্পণের জন্য ভারতের কাছে আবার চিঠি লিখব। ভারত যদি এই গণহত্যাকারীকে আশ্রয় দেয়া অব্যাহত রাখে, তাহলে ভারতকে বুঝতে হবে, বাংলাদেশ ও বাংলাদেশের মানুষের বিরুদ্ধে একটা শত্রুতা এটা অত্যন্ত নিন্দনীয় আচরণ।

"আমরা যতদিন আছি এই বিচারকাজ চলবে। আশা করি আগামীতে যেই সরকারই নির্বাচিত হবে এই বিচারের গুরুদায়িত্ব থেকে কোনো অবস্থাতেই যেন পিছপা না হয়।"
